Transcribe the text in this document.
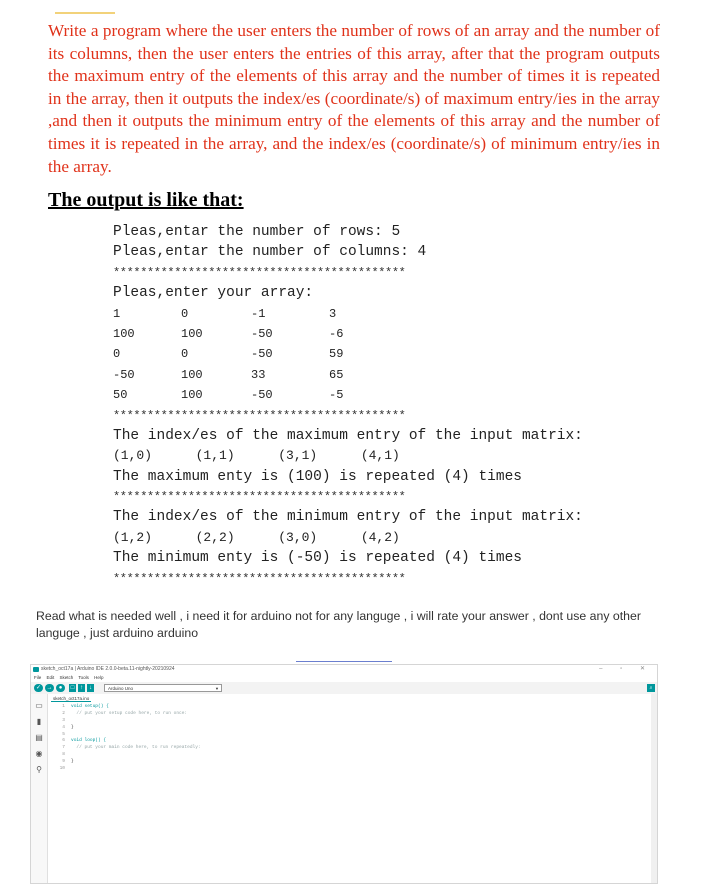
Write a program where the user enters the number of rows of an array and the number of its columns, then the user enters the entries of this array, after that the program outputs the maximum entry of the elements of this array and the number of times it is repeated in the array, then it outputs the index/es (coordinate/s) of maximum entry/ies in the array ,and then it outputs the minimum entry of the elements of this array and the number of times it is repeated in the array, and the index/es (coordinate/s) of minimum entry/ies in the array.
The output is like that:
Pleas,entar the number of rows: 5
Pleas,entar the number of columns: 4
*******************************************
Pleas,enter your array:
1	0	-1	3
100	100	-50	-6
0	0	-50	59
-50	100	33	65
50	100	-50	-5
*******************************************
The index/es of the maximum entry of the input matrix:
(1,0)  (1,1)  (3,1)  (4,1)
The maximum enty is (100) is repeated (4) times
*******************************************
The index/es of the minimum entry of the input matrix:
(1,2)  (2,2)  (3,0)  (4,2)
The minimum enty is (-50) is repeated (4) times
*******************************************
Read what is needed well , i need it for arduino not for any languge , i will rate your answer , dont use any other languge , just arduino arduino
sketch_oct17a | Arduino IDE 2.0.0-beta.11-nightly-20210924	– ▫ ✕
File Edit Sketch Tools Help
✓ →	●	□ ↑	↓	Arduino Uno	▼	⌕
▭
▮
▤
◉
⚲
sketch_oct17a.ino
1 void setup() {
2  // put your setup code here, to run once:
3
4 }
5
6 void loop() {
7  // put your main code here, to run repeatedly:
8
9 }
10
